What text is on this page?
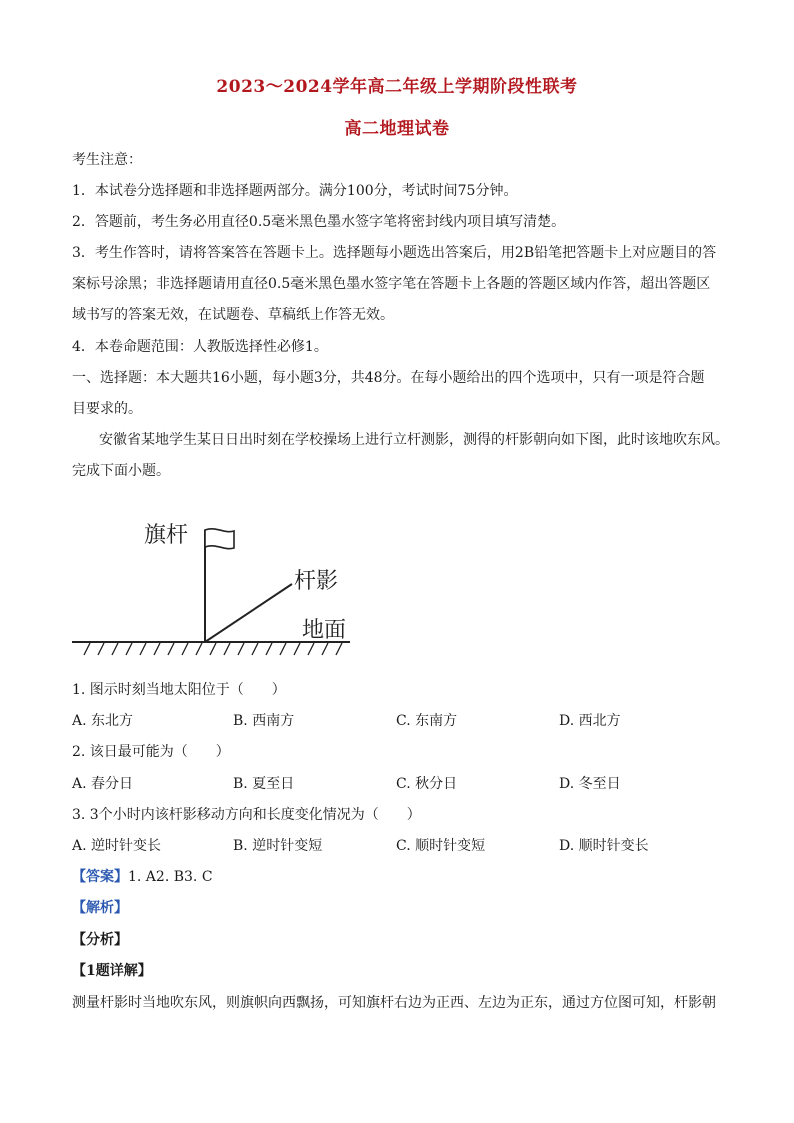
2023～2024学年高二年级上学期阶段性联考
高二地理试卷
考生注意：
1．本试卷分选择题和非选择题两部分。满分100分，考试时间75分钟。
2．答题前，考生务必用直径0.5毫米黑色墨水签字笔将密封线内项目填写清楚。
3．考生作答时，请将答案答在答题卡上。选择题每小题选出答案后，用2B铅笔把答题卡上对应题目的答
案标号涂黑；非选择题请用直径0.5毫米黑色墨水签字笔在答题卡上各题的答题区域内作答，超出答题区
域书写的答案无效，在试题卷、草稿纸上作答无效。
4．本卷命题范围：人教版选择性必修1。
一、选择题：本大题共16小题，每小题3分，共48分。在每小题给出的四个选项中，只有一项是符合题
目要求的。
安徽省某地学生某日日出时刻在学校操场上进行立杆测影，测得的杆影朝向如下图，此时该地吹东风。
完成下面小题。
旗杆
杆影
地面
1. 图示时刻当地太阳位于（　　）
A. 东北方	B. 西南方	C. 东南方	D. 西北方
2. 该日最可能为（　　）
A. 春分日	B. 夏至日	C. 秋分日	D. 冬至日
3. 3个小时内该杆影移动方向和长度变化情况为（　　）
A. 逆时针变长	B. 逆时针变短	C. 顺时针变短	D. 顺时针变长
【答案】1. A2. B3. C
【解析】
【分析】
【1题详解】
测量杆影时当地吹东风，则旗帜向西飘扬，可知旗杆右边为正西、左边为正东，通过方位图可知，杆影朝
